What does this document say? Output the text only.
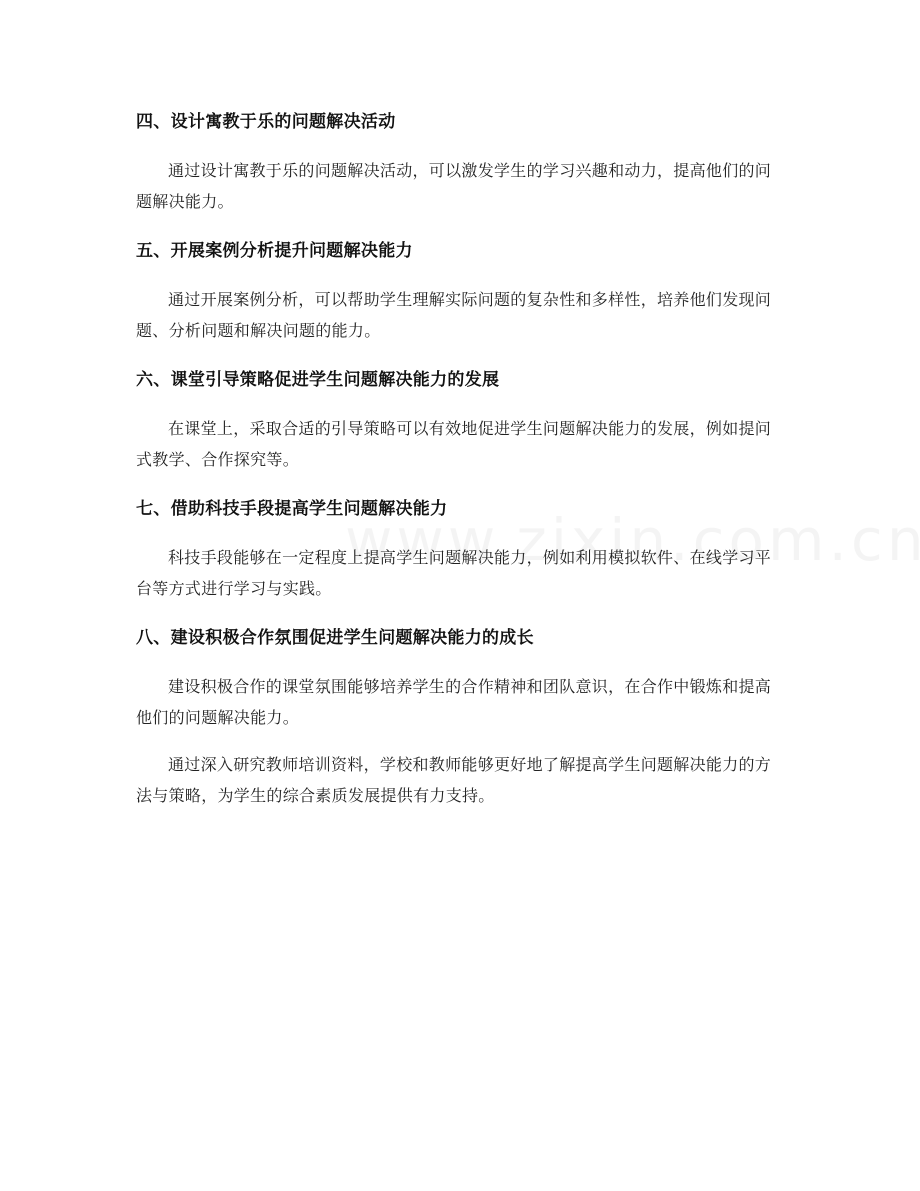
四、设计寓教于乐的问题解决活动

通过设计寓教于乐的问题解决活动，可以激发学生的学习兴趣和动力，提高他们的问题解决能力。

五、开展案例分析提升问题解决能力

通过开展案例分析，可以帮助学生理解实际问题的复杂性和多样性，培养他们发现问题、分析问题和解决问题的能力。

六、课堂引导策略促进学生问题解决能力的发展

在课堂上，采取合适的引导策略可以有效地促进学生问题解决能力的发展，例如提问式教学、合作探究等。

七、借助科技手段提高学生问题解决能力

科技手段能够在一定程度上提高学生问题解决能力，例如利用模拟软件、在线学习平台等方式进行学习与实践。

八、建设积极合作氛围促进学生问题解决能力的成长

建设积极合作的课堂氛围能够培养学生的合作精神和团队意识，在合作中锻炼和提高他们的问题解决能力。

通过深入研究教师培训资料，学校和教师能够更好地了解提高学生问题解决能力的方法与策略，为学生的综合素质发展提供有力支持。
